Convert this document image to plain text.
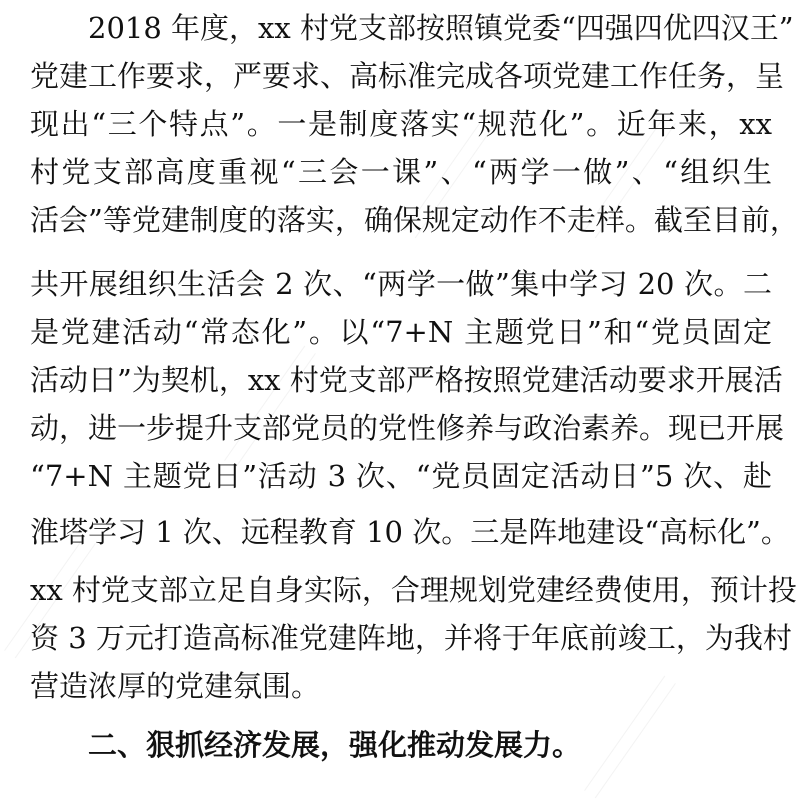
2018 年度，xx 村党支部按照镇党委“四强四优四汉王”
党建工作要求，严要求、高标准完成各项党建工作任务，呈
现出“三个特点”。一是制度落实“规范化”。近年来，xx
村党支部高度重视“三会一课”、“两学一做”、“组织生
活会”等党建制度的落实，确保规定动作不走样。截至目前，
共开展组织生活会 2 次、“两学一做”集中学习 20 次。二
是党建活动“常态化”。以“7+N 主题党日”和“党员固定
活动日”为契机，xx 村党支部严格按照党建活动要求开展活
动，进一步提升支部党员的党性修养与政治素养。现已开展
“7+N 主题党日”活动 3 次、“党员固定活动日”5 次、赴
淮塔学习 1 次、远程教育 10 次。三是阵地建设“高标化”。
xx 村党支部立足自身实际，合理规划党建经费使用，预计投
资 3 万元打造高标准党建阵地，并将于年底前竣工，为我村
营造浓厚的党建氛围。
二、狠抓经济发展，强化推动发展力。
